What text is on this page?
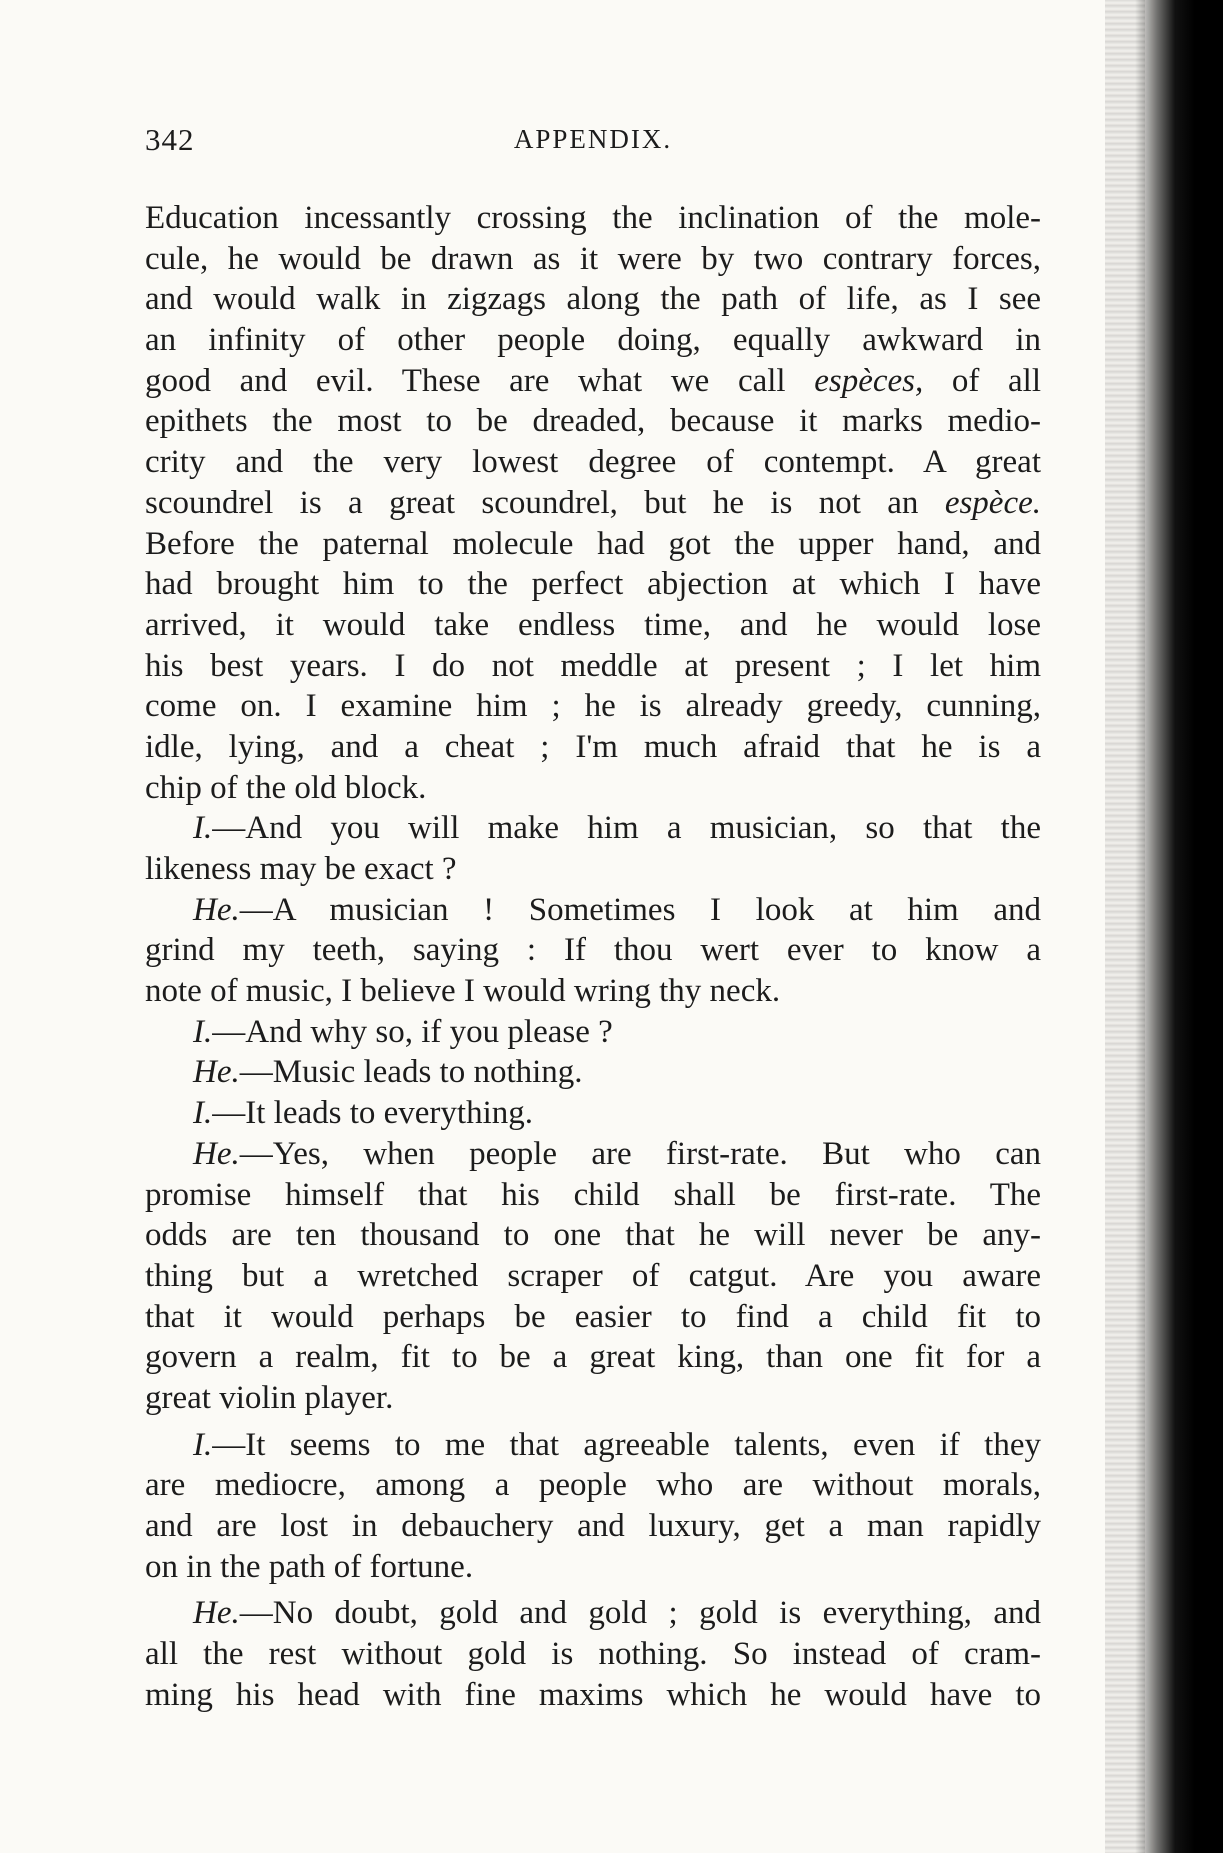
342	APPENDIX.
Education incessantly crossing the inclination of the mole-
cule, he would be drawn as it were by two contrary forces,
and would walk in zigzags along the path of life, as I see
an infinity of other people doing, equally awkward in
good and evil. These are what we call espèces, of all
epithets the most to be dreaded, because it marks medio-
crity and the very lowest degree of contempt. A great
scoundrel is a great scoundrel, but he is not an espèce.
Before the paternal molecule had got the upper hand, and
had brought him to the perfect abjection at which I have
arrived, it would take endless time, and he would lose
his best years. I do not meddle at present ; I let him
come on. I examine him ; he is already greedy, cunning,
idle, lying, and a cheat ; I'm much afraid that he is a
chip of the old block.
I.—And you will make him a musician, so that the
likeness may be exact ?
He.—A musician ! Sometimes I look at him and
grind my teeth, saying : If thou wert ever to know a
note of music, I believe I would wring thy neck.
I.—And why so, if you please ?
He.—Music leads to nothing.
I.—It leads to everything.
He.—Yes, when people are first-rate. But who can
promise himself that his child shall be first-rate. The
odds are ten thousand to one that he will never be any-
thing but a wretched scraper of catgut. Are you aware
that it would perhaps be easier to find a child fit to
govern a realm, fit to be a great king, than one fit for a
great violin player.
I.—It seems to me that agreeable talents, even if they
are mediocre, among a people who are without morals,
and are lost in debauchery and luxury, get a man rapidly
on in the path of fortune.
He.—No doubt, gold and gold ; gold is everything, and
all the rest without gold is nothing. So instead of cram-
ming his head with fine maxims which he would have to
